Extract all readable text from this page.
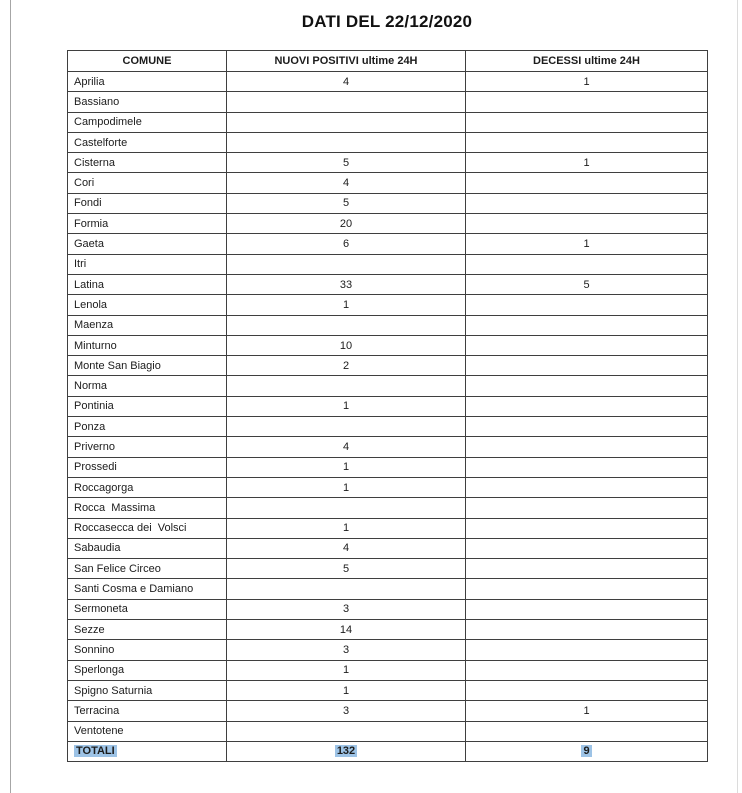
DATI DEL 22/12/2020
COMUNE	NUOVI POSITIVI ultime 24H	DECESSI ultime 24H
Aprilia	4	1
Bassiano		
Campodimele		
Castelforte		
Cisterna	5	1
Cori	4	
Fondi	5	
Formia	20	
Gaeta	6	1
Itri		
Latina	33	5
Lenola	1	
Maenza		
Minturno	10	
Monte San Biagio	2	
Norma		
Pontinia	1	
Ponza		
Priverno	4	
Prossedi	1	
Roccagorga	1	
Rocca  Massima		
Roccasecca dei  Volsci	1	
Sabaudia	4	
San Felice Circeo	5	
Santi Cosma e Damiano		
Sermoneta	3	
Sezze	14	
Sonnino	3	
Sperlonga	1	
Spigno Saturnia	1	
Terracina	3	1
Ventotene		
TOTALI	132	9
